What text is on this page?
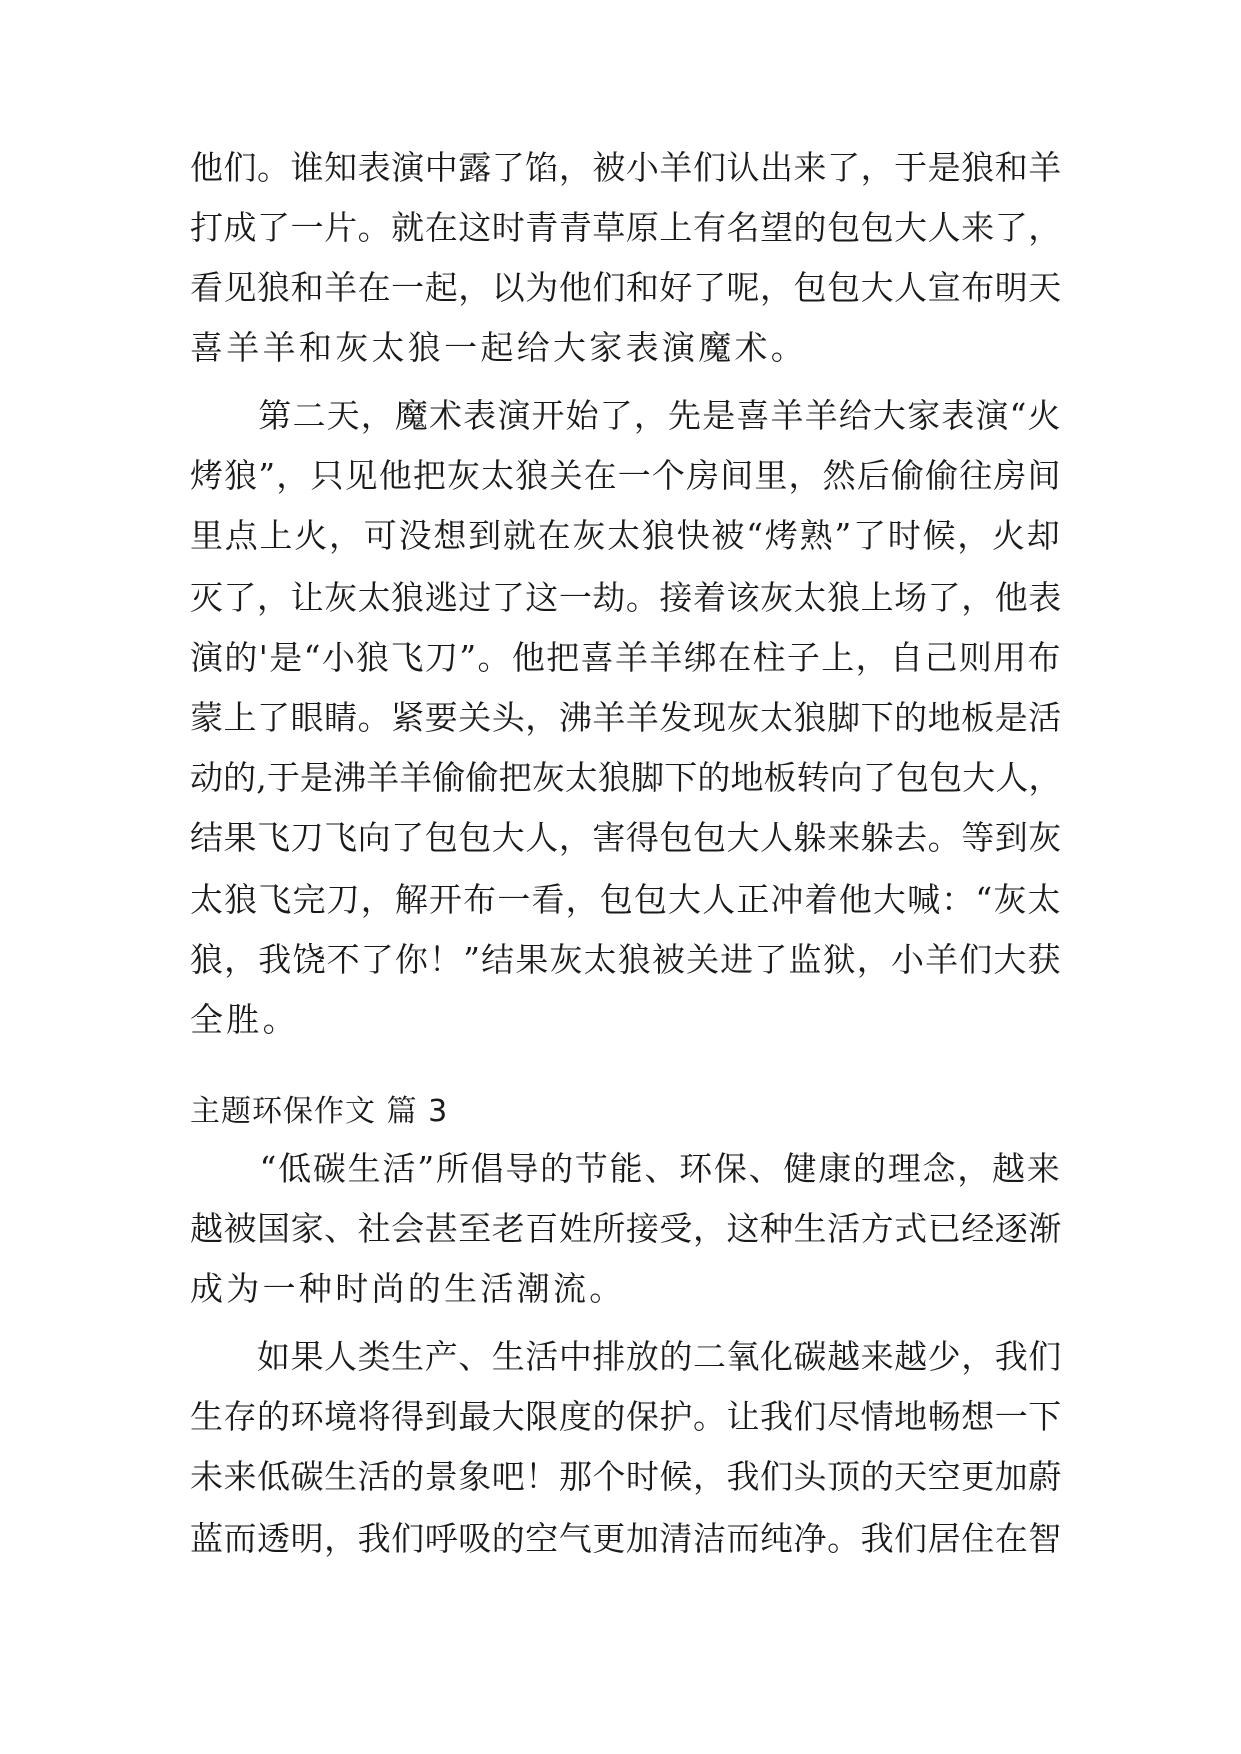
他们。谁知表演中露了馅，被小羊们认出来了，于是狼和羊
打成了一片。就在这时青青草原上有名望的包包大人来了，
看见狼和羊在一起，以为他们和好了呢，包包大人宣布明天
喜羊羊和灰太狼一起给大家表演魔术。
　　第二天，魔术表演开始了，先是喜羊羊给大家表演“火
烤狼”，只见他把灰太狼关在一个房间里，然后偷偷往房间
里点上火，可没想到就在灰太狼快被“烤熟”了时候，火却
灭了，让灰太狼逃过了这一劫。接着该灰太狼上场了，他表
演的'是“小狼飞刀”。他把喜羊羊绑在柱子上，自己则用布
蒙上了眼睛。紧要关头，沸羊羊发现灰太狼脚下的地板是活
动的,于是沸羊羊偷偷把灰太狼脚下的地板转向了包包大人，
结果飞刀飞向了包包大人，害得包包大人躲来躲去。等到灰
太狼飞完刀，解开布一看，包包大人正冲着他大喊：“灰太
狼，我饶不了你！”结果灰太狼被关进了监狱，小羊们大获
全胜。
主题环保作文 篇 3
　　“低碳生活”所倡导的节能、环保、健康的理念，越来
越被国家、社会甚至老百姓所接受，这种生活方式已经逐渐
成为一种时尚的生活潮流。
　　如果人类生产、生活中排放的二氧化碳越来越少，我们
生存的环境将得到最大限度的保护。让我们尽情地畅想一下
未来低碳生活的景象吧！那个时候，我们头顶的天空更加蔚
蓝而透明，我们呼吸的空气更加清洁而纯净。我们居住在智
